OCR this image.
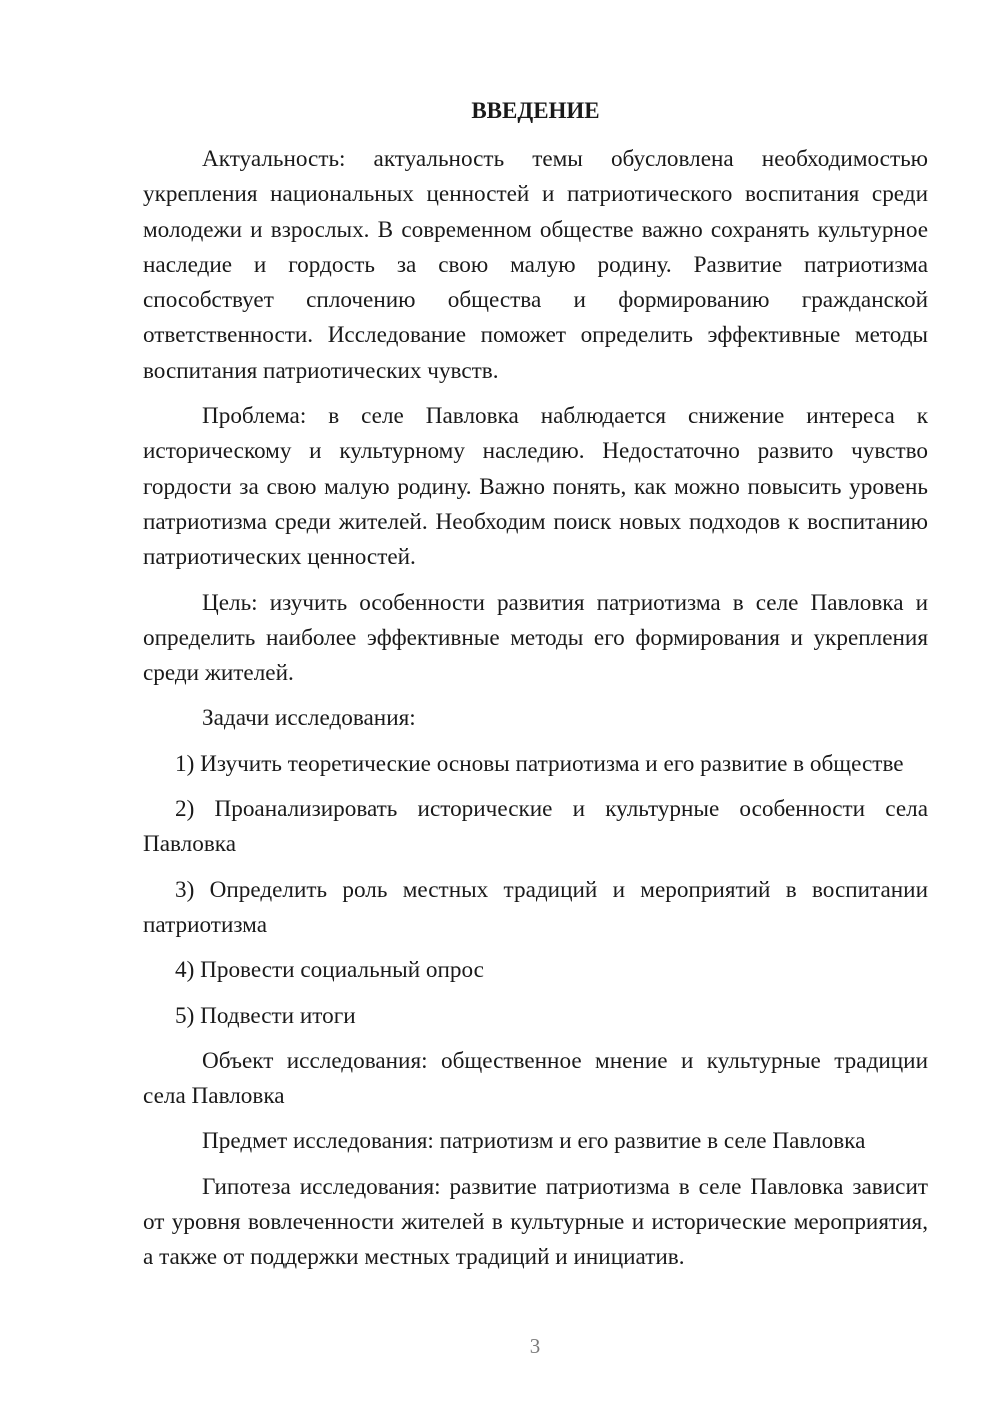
ВВЕДЕНИЕ

Актуальность: актуальность темы обусловлена необходимостью укрепления национальных ценностей и патриотического воспитания среди молодежи и взрослых. В современном обществе важно сохранять культурное наследие и гордость за свою малую родину. Развитие патриотизма способствует сплочению общества и формированию гражданской ответственности. Исследование поможет определить эффективные методы воспитания патриотических чувств.

Проблема: в селе Павловка наблюдается снижение интереса к историческому и культурному наследию. Недостаточно развито чувство гордости за свою малую родину. Важно понять, как можно повысить уровень патриотизма среди жителей. Необходим поиск новых подходов к воспитанию патриотических ценностей.

Цель: изучить особенности развития патриотизма в селе Павловка и определить наиболее эффективные методы его формирования и укрепления среди жителей.

Задачи исследования:

1) Изучить теоретические основы патриотизма и его развитие в обществе

2) Проанализировать исторические и культурные особенности села Павловка

3) Определить роль местных традиций и мероприятий в воспитании патриотизма

4) Провести социальный опрос

5) Подвести итоги

Объект исследования: общественное мнение и культурные традиции села Павловка

Предмет исследования: патриотизм и его развитие в селе Павловка

Гипотеза исследования: развитие патриотизма в селе Павловка зависит от уровня вовлеченности жителей в культурные и исторические мероприятия, а также от поддержки местных традиций и инициатив.

3
